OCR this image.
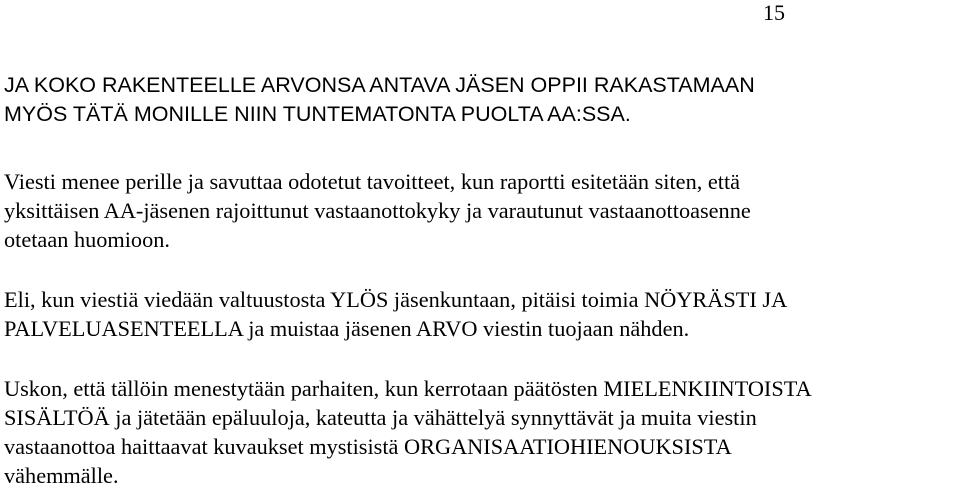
15
JA KOKO RAKENTEELLE ARVONSA ANTAVA JÄSEN OPPII RAKASTAMAAN
MYÖS TÄTÄ MONILLE NIIN TUNTEMATONTA PUOLTA AA:SSA.
Viesti menee perille ja savuttaa odotetut tavoitteet, kun raportti esitetään siten, että
yksittäisen AA-jäsenen rajoittunut vastaanottokyky ja varautunut vastaanottoasenne
otetaan huomioon.
Eli, kun viestiä viedään valtuustosta YLÖS jäsenkuntaan, pitäisi toimia NÖYRÄSTI JA
PALVELUASENTEELLA ja muistaa jäsenen ARVO viestin tuojaan nähden.
Uskon, että tällöin menestytään parhaiten, kun kerrotaan päätösten MIELENKIINTOISTA
SISÄLTÖÄ ja jätetään epäluuloja, kateutta ja vähättelyä synnyttävät ja muita viestin
vastaanottoa haittaavat kuvaukset mystisistä ORGANISAATIOHIENOUKSISTA
vähemmälle.
